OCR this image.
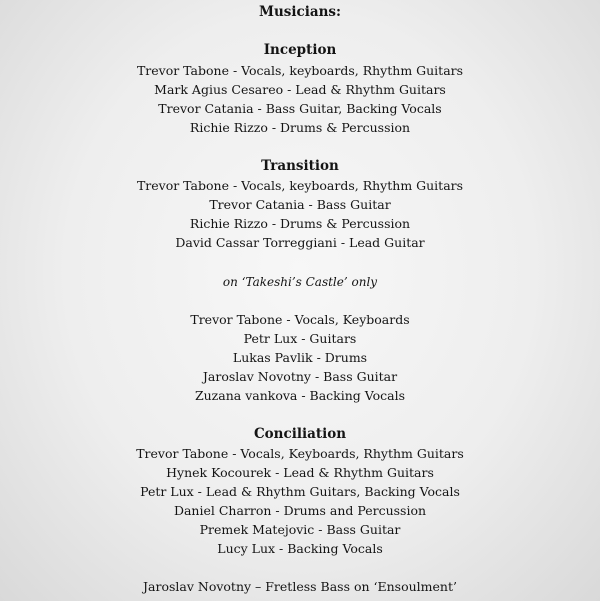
Musicians:
Inception
Trevor Tabone - Vocals, keyboards, Rhythm Guitars
Mark Agius Cesareo - Lead & Rhythm Guitars
Trevor Catania - Bass Guitar, Backing Vocals
Richie Rizzo - Drums & Percussion
Transition
Trevor Tabone - Vocals, keyboards, Rhythm Guitars
Trevor Catania - Bass Guitar
Richie Rizzo - Drums & Percussion
David Cassar Torreggiani - Lead Guitar
on ‘Takeshi’s Castle’ only
Trevor Tabone - Vocals, Keyboards
Petr Lux - Guitars
Lukas Pavlik - Drums
Jaroslav Novotny - Bass Guitar
Zuzana vankova - Backing Vocals
Conciliation
Trevor Tabone - Vocals, Keyboards, Rhythm Guitars
Hynek Kocourek - Lead & Rhythm Guitars
Petr Lux - Lead & Rhythm Guitars, Backing Vocals
Daniel Charron - Drums and Percussion
Premek Matejovic - Bass Guitar
Lucy Lux - Backing Vocals
Jaroslav Novotny – Fretless Bass on ‘Ensoulment’
